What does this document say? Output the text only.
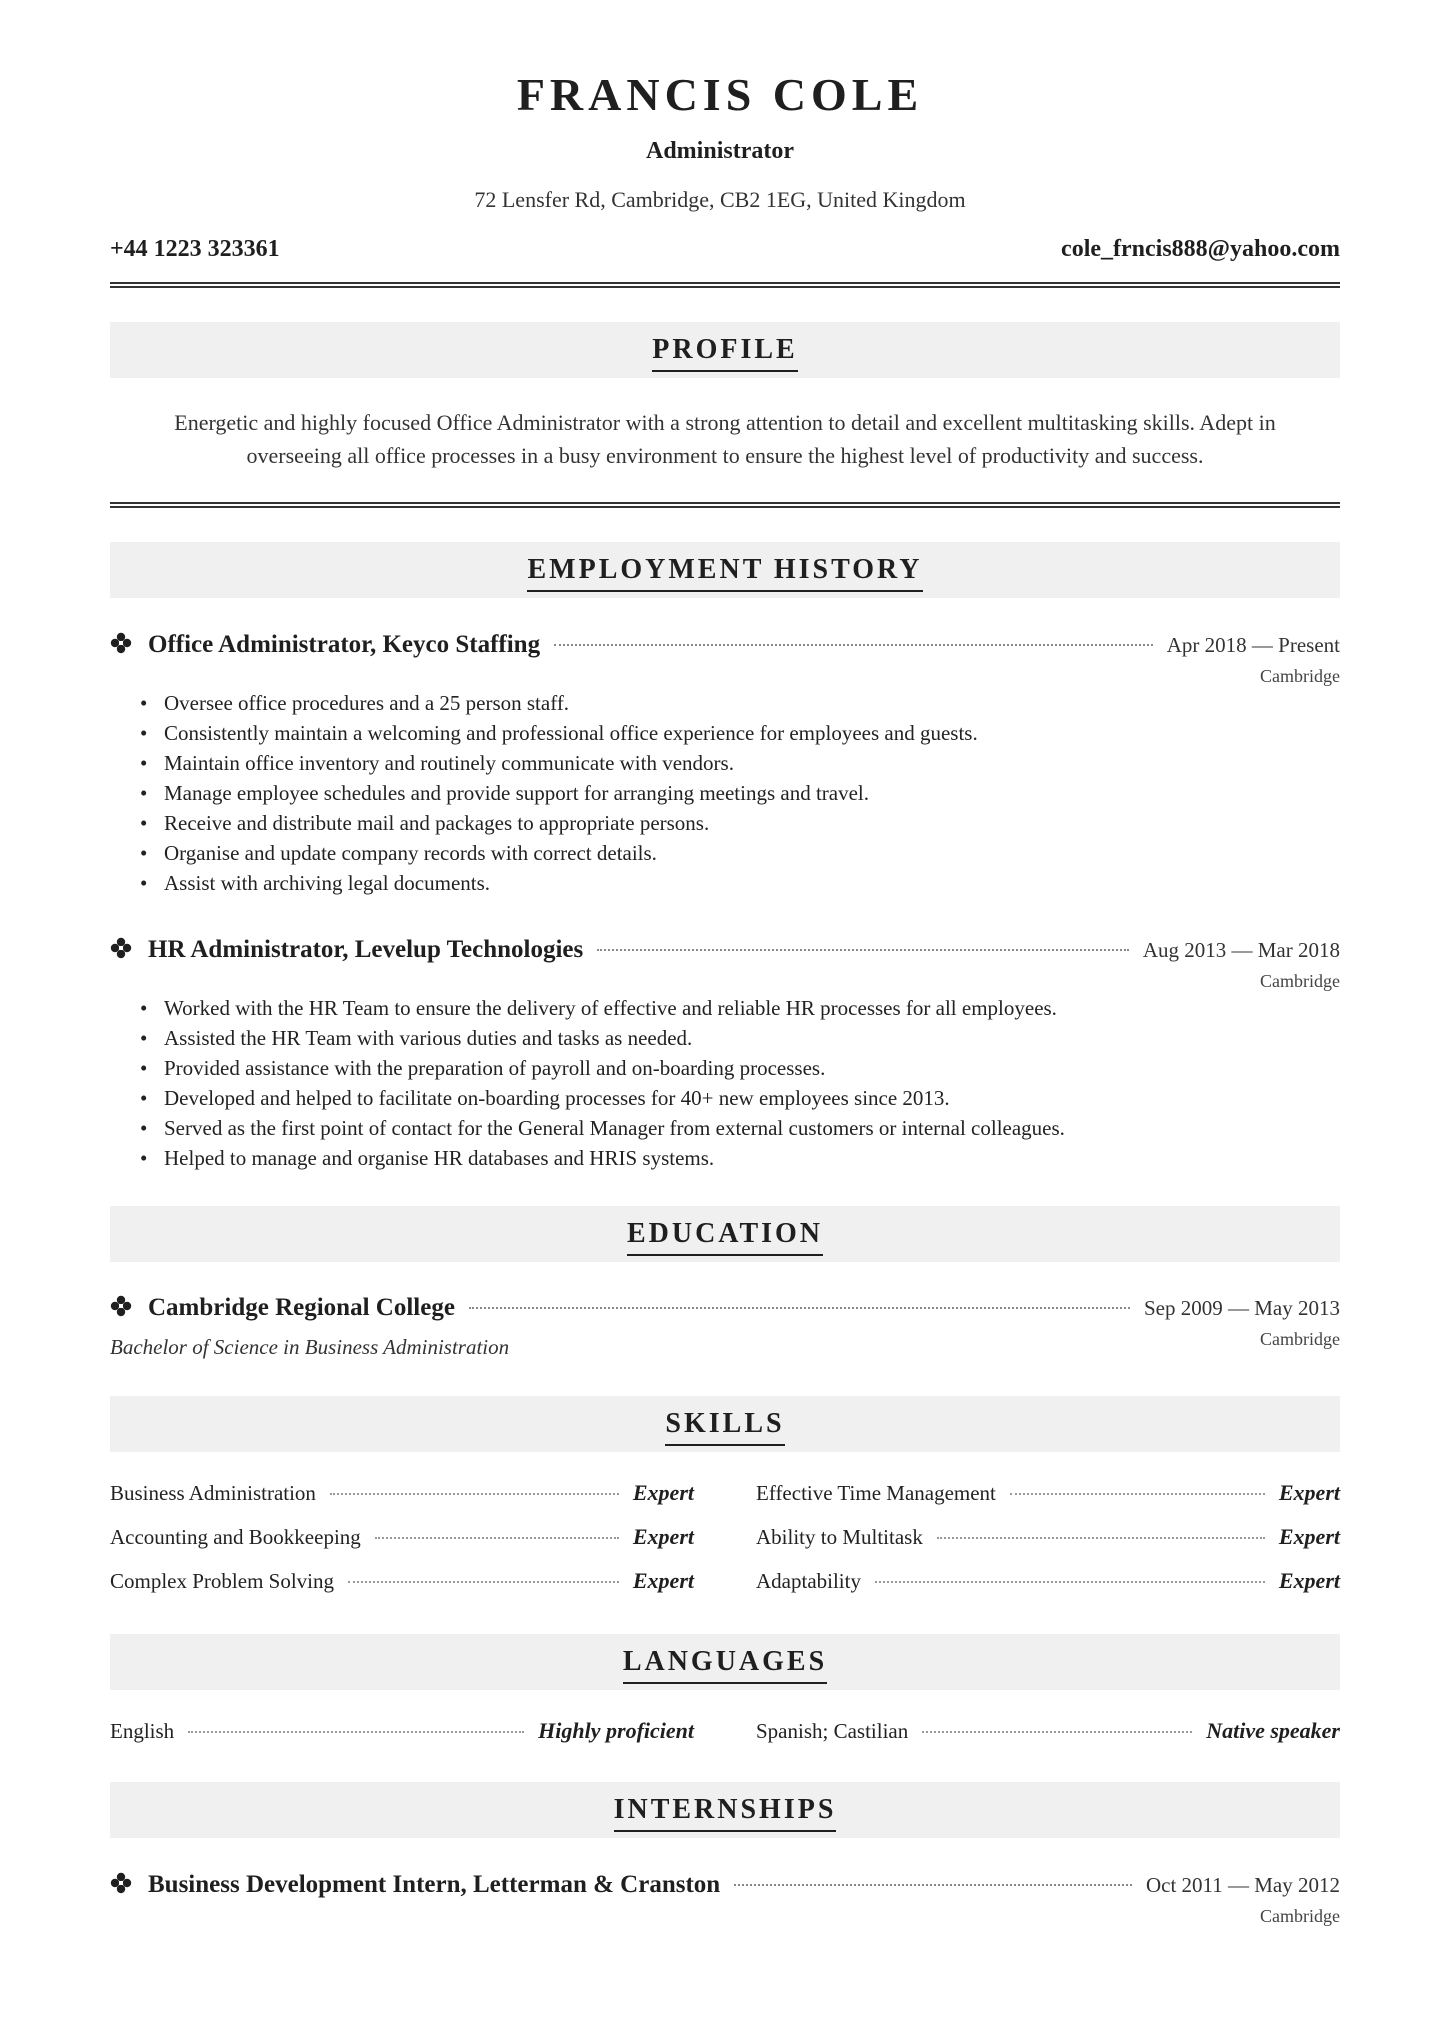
FRANCIS COLE
Administrator
72 Lensfer Rd, Cambridge, CB2 1EG, United Kingdom
+44 1223 323361	cole_frncis888@yahoo.com
PROFILE
Energetic and highly focused Office Administrator with a strong attention to detail and excellent multitasking skills. Adept in overseeing all office processes in a busy environment to ensure the highest level of productivity and success.
EMPLOYMENT HISTORY
Office Administrator, Keyco Staffing	Apr 2018 — Present
Cambridge
• Oversee office procedures and a 25 person staff.
• Consistently maintain a welcoming and professional office experience for employees and guests.
• Maintain office inventory and routinely communicate with vendors.
• Manage employee schedules and provide support for arranging meetings and travel.
• Receive and distribute mail and packages to appropriate persons.
• Organise and update company records with correct details.
• Assist with archiving legal documents.
HR Administrator, Levelup Technologies	Aug 2013 — Mar 2018
Cambridge
• Worked with the HR Team to ensure the delivery of effective and reliable HR processes for all employees.
• Assisted the HR Team with various duties and tasks as needed.
• Provided assistance with the preparation of payroll and on-boarding processes.
• Developed and helped to facilitate on-boarding processes for 40+ new employees since 2013.
• Served as the first point of contact for the General Manager from external customers or internal colleagues.
• Helped to manage and organise HR databases and HRIS systems.
EDUCATION
Cambridge Regional College	Sep 2009 — May 2013
Cambridge
Bachelor of Science in Business Administration
SKILLS
Business Administration	Expert	Effective Time Management	Expert
Accounting and Bookkeeping	Expert	Ability to Multitask	Expert
Complex Problem Solving	Expert	Adaptability	Expert
LANGUAGES
English	Highly proficient	Spanish; Castilian	Native speaker
INTERNSHIPS
Business Development Intern, Letterman & Cranston	Oct 2011 — May 2012
Cambridge
